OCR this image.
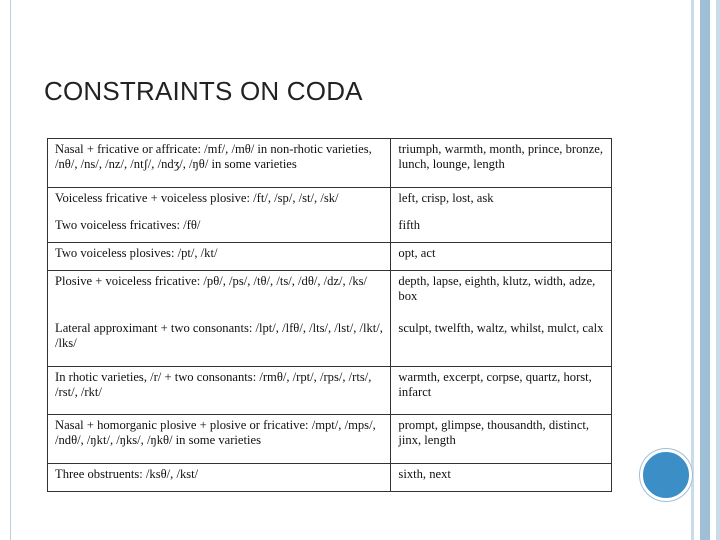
CONSTRAINTS ON CODA
Nasal + fricative or affricate: /mf/, /mθ/ in non-rhotic varieties, /nθ/, /ns/, /nz/, /ntʃ/, /ndʒ/, /ŋθ/ in some varieties	triumph, warmth, month, prince, bronze, lunch, lounge, length
Voiceless fricative + voiceless plosive: /ft/, /sp/, /st/, /sk/	left, crisp, lost, ask
Two voiceless fricatives: /fθ/	fifth
Two voiceless plosives: /pt/, /kt/	opt, act
Plosive + voiceless fricative: /pθ/, /ps/, /tθ/, /ts/, /dθ/, /dz/, /ks/	depth, lapse, eighth, klutz, width, adze, box
Lateral approximant + two consonants: /lpt/, /lfθ/, /lts/, /lst/, /lkt/, /lks/	sculpt, twelfth, waltz, whilst, mulct, calx
In rhotic varieties, /r/ + two consonants: /rmθ/, /rpt/, /rps/, /rts/, /rst/, /rkt/	warmth, excerpt, corpse, quartz, horst, infarct
Nasal + homorganic plosive + plosive or fricative: /mpt/, /mps/, /ndθ/, /ŋkt/, /ŋks/, /ŋkθ/ in some varieties	prompt, glimpse, thousandth, distinct, jinx, length
Three obstruents: /ksθ/, /kst/	sixth, next
